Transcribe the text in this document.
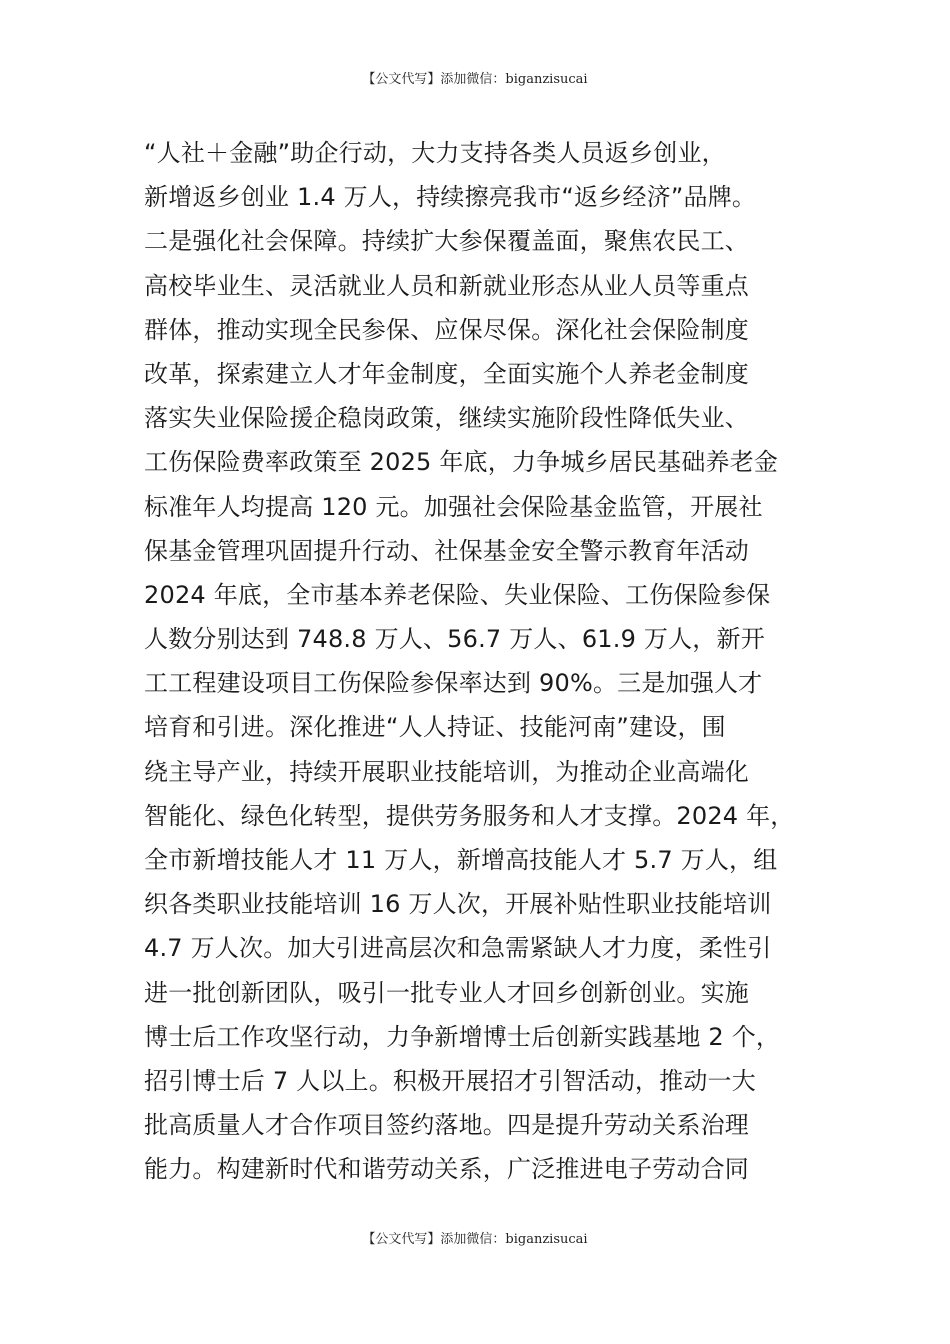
【公文代写】添加微信：biganzisucai
“人社＋金融”助企行动，大力支持各类人员返乡创业，
新增返乡创业 1.4 万人，持续擦亮我市“返乡经济”品牌。
二是强化社会保障。持续扩大参保覆盖面，聚焦农民工、
高校毕业生、灵活就业人员和新就业形态从业人员等重点
群体，推动实现全民参保、应保尽保。深化社会保险制度
改革，探索建立人才年金制度，全面实施个人养老金制度
落实失业保险援企稳岗政策，继续实施阶段性降低失业、
工伤保险费率政策至 2025 年底，力争城乡居民基础养老金
标准年人均提高 120 元。加强社会保险基金监管，开展社
保基金管理巩固提升行动、社保基金安全警示教育年活动
2024 年底，全市基本养老保险、失业保险、工伤保险参保
人数分别达到 748.8 万人、56.7 万人、61.9 万人，新开
工工程建设项目工伤保险参保率达到 90%。三是加强人才
培育和引进。深化推进“人人持证、技能河南”建设，围
绕主导产业，持续开展职业技能培训，为推动企业高端化
智能化、绿色化转型，提供劳务服务和人才支撑。2024 年，
全市新增技能人才 11 万人，新增高技能人才 5.7 万人，组
织各类职业技能培训 16 万人次，开展补贴性职业技能培训
4.7 万人次。加大引进高层次和急需紧缺人才力度，柔性引
进一批创新团队，吸引一批专业人才回乡创新创业。实施
博士后工作攻坚行动，力争新增博士后创新实践基地 2 个，
招引博士后 7 人以上。积极开展招才引智活动，推动一大
批高质量人才合作项目签约落地。四是提升劳动关系治理
能力。构建新时代和谐劳动关系，广泛推进电子劳动合同
【公文代写】添加微信：biganzisucai
